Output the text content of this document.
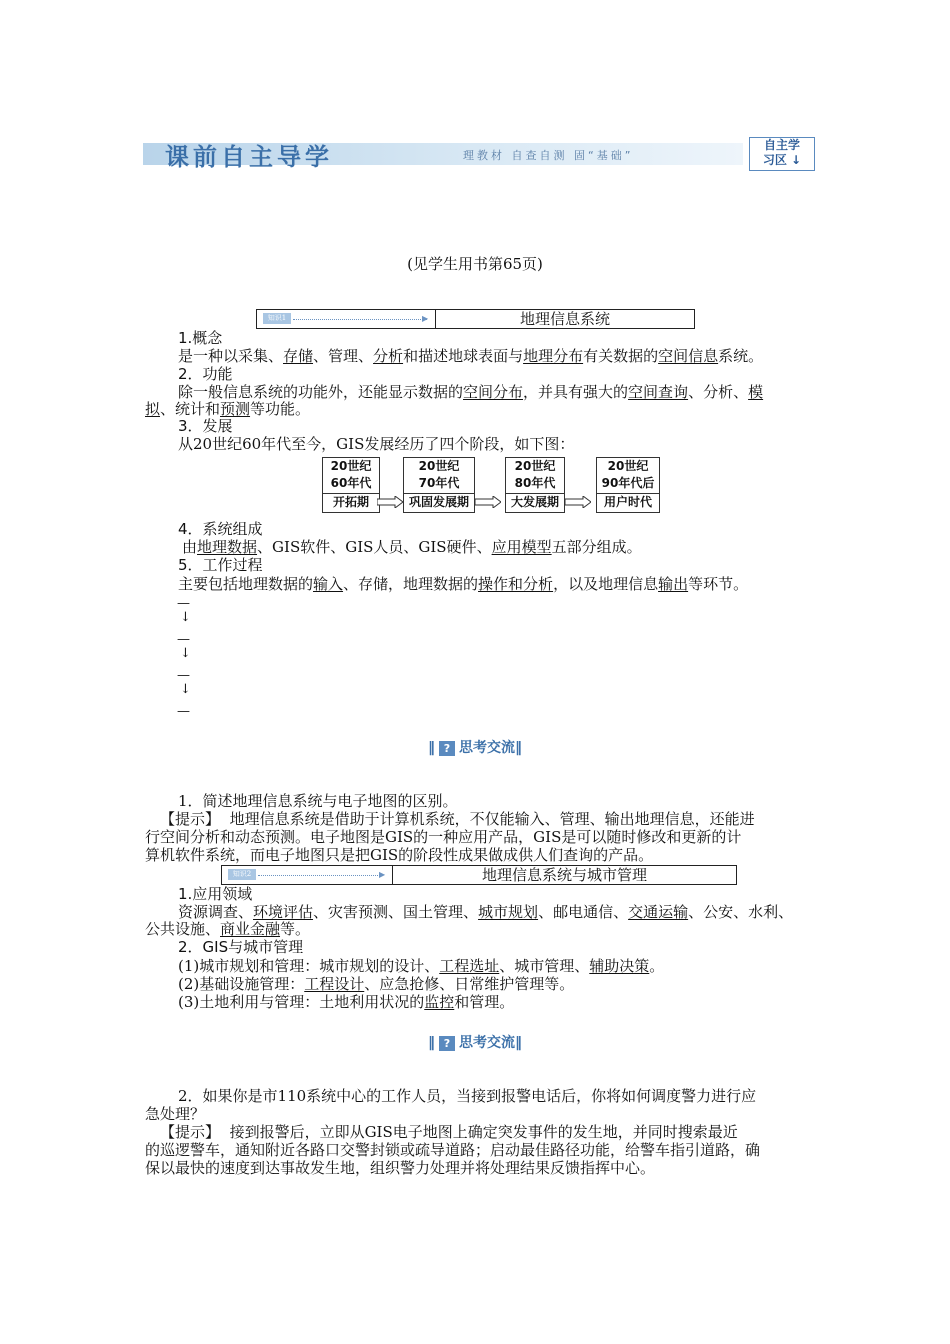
课前自主导学	理教材 自查自测 固“基础”
自主学
习区 ↓
(见学生用书第65页)
知识1	▶	地理信息系统
1.概念
是一种以采集、存储、管理、分析和描述地球表面与地理分布有关数据的空间信息系统。
2．功能
除一般信息系统的功能外，还能显示数据的空间分布，并具有强大的空间查询、分析、模
拟、统计和预测等功能。
3．发展
从20世纪60年代至今，GIS发展经历了四个阶段，如下图：
20世纪
60年代
开拓期
20世纪
70年代
巩固发展期
20世纪
80年代
大发展期
20世纪
90年代后
用户时代
4．系统组成
由地理数据、GIS软件、GIS人员、GIS硬件、应用模型五部分组成。
5．工作过程
主要包括地理数据的输入、存储，地理数据的操作和分析，以及地理信息输出等环节。
—
↓
—
↓
—
↓
—
‖ ? 思考交流‖
1．简述地理信息系统与电子地图的区别。
【提示】 地理信息系统是借助于计算机系统，不仅能输入、管理、输出地理信息，还能进
行空间分析和动态预测。电子地图是GIS的一种应用产品，GIS是可以随时修改和更新的计
算机软件系统，而电子地图只是把GIS的阶段性成果做成供人们查询的产品。
知识2	▶	地理信息系统与城市管理
1.应用领域
资源调查、环境评估、灾害预测、国土管理、城市规划、邮电通信、交通运输、公安、水利、
公共设施、商业金融等。
2．GIS与城市管理
(1)城市规划和管理：城市规划的设计、工程选址、城市管理、辅助决策。
(2)基础设施管理：工程设计、应急抢修、日常维护管理等。
(3)土地利用与管理：土地利用状况的监控和管理。
‖ ? 思考交流‖
2．如果你是市110系统中心的工作人员，当接到报警电话后，你将如何调度警力进行应
急处理？
【提示】 接到报警后，立即从GIS电子地图上确定突发事件的发生地，并同时搜索最近
的巡逻警车，通知附近各路口交警封锁或疏导道路；启动最佳路径功能，给警车指引道路，确
保以最快的速度到达事故发生地，组织警力处理并将处理结果反馈指挥中心。
